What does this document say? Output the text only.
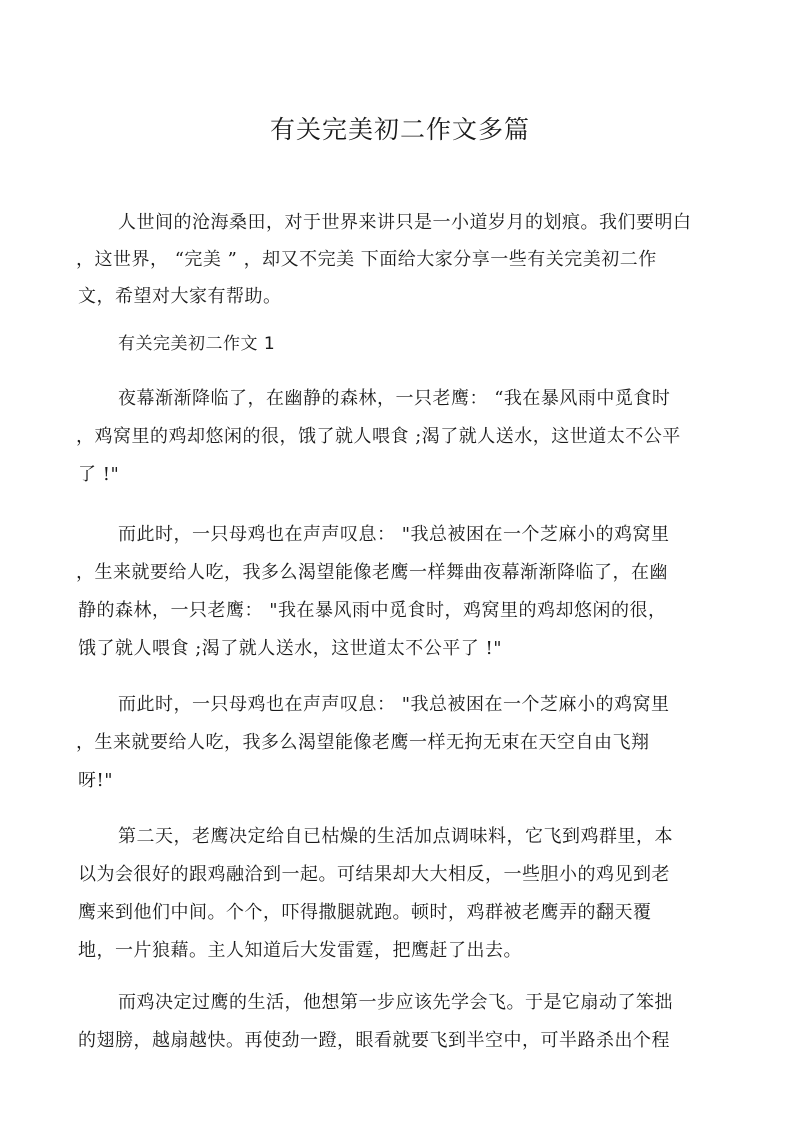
有关完美初二作文多篇
人世间的沧海桑田，对于世界来讲只是一小道岁月的划痕。我们要明白
，这世界， “完美 ” ，却又不完美 下面给大家分享一些有关完美初二作
文，希望对大家有帮助。
有关完美初二作文 1
夜幕渐渐降临了，在幽静的森林，一只老鹰： “我在暴风雨中觅食时
，鸡窝里的鸡却悠闲的很，饿了就人喂食 ;渴了就人送水，这世道太不公平
了 !"
而此时，一只母鸡也在声声叹息： "我总被困在一个芝麻小的鸡窝里
，生来就要给人吃，我多么渴望能像老鹰一样舞曲夜幕渐渐降临了，在幽
静的森林，一只老鹰： "我在暴风雨中觅食时，鸡窝里的鸡却悠闲的很，
饿了就人喂食 ;渴了就人送水，这世道太不公平了 !"
而此时，一只母鸡也在声声叹息： "我总被困在一个芝麻小的鸡窝里
，生来就要给人吃，我多么渴望能像老鹰一样无拘无束在天空自由飞翔
呀!"
第二天，老鹰决定给自已枯燥的生活加点调味料，它飞到鸡群里，本
以为会很好的跟鸡融洽到一起。可结果却大大相反，一些胆小的鸡见到老
鹰来到他们中间。个个，吓得撒腿就跑。顿时，鸡群被老鹰弄的翻天覆
地，一片狼藉。主人知道后大发雷霆，把鹰赶了出去。
而鸡决定过鹰的生活，他想第一步应该先学会飞。于是它扇动了笨拙
的翅膀，越扇越快。再使劲一蹬，眼看就要飞到半空中，可半路杀出个程
